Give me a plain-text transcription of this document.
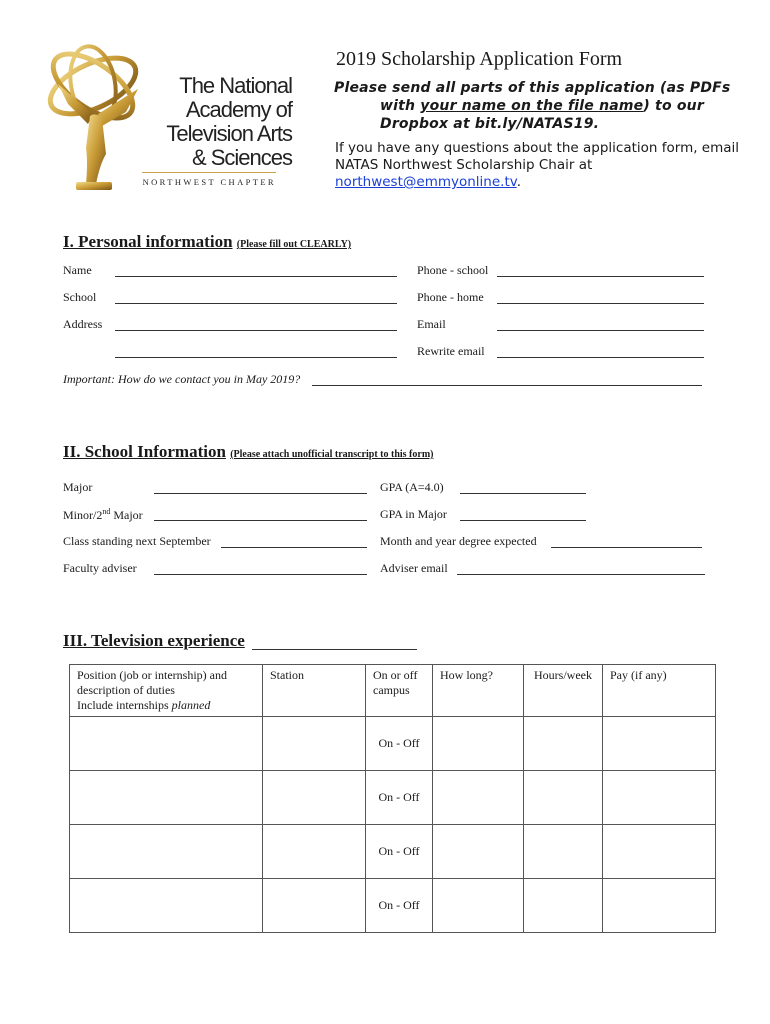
The National
Academy of
Television Arts
& Sciences
NORTHWEST CHAPTER
2019 Scholarship Application Form
Please send all parts of this application (as PDFs
with your name on the file name) to our
Dropbox at bit.ly/NATAS19.
If you have any questions about the application form, email NATAS Northwest Scholarship Chair at northwest@emmyonline.tv.
I. Personal information (Please fill out CLEARLY)
Name	Phone - school
School	Phone - home
Address	Email
Rewrite email
Important: How do we contact you in May 2019?
II. School Information (Please attach unofficial transcript to this form)
Major	GPA (A=4.0)
Minor/2nd Major	GPA in Major
Class standing next September	Month and year degree expected
Faculty adviser	Adviser email
III. Television experience
Position (job or internship) and
description of duties
Include internships planned	Station	On or off campus	How long?	Hours/week	Pay (if any)
		On - Off			
		On - Off			
		On - Off			
		On - Off			
